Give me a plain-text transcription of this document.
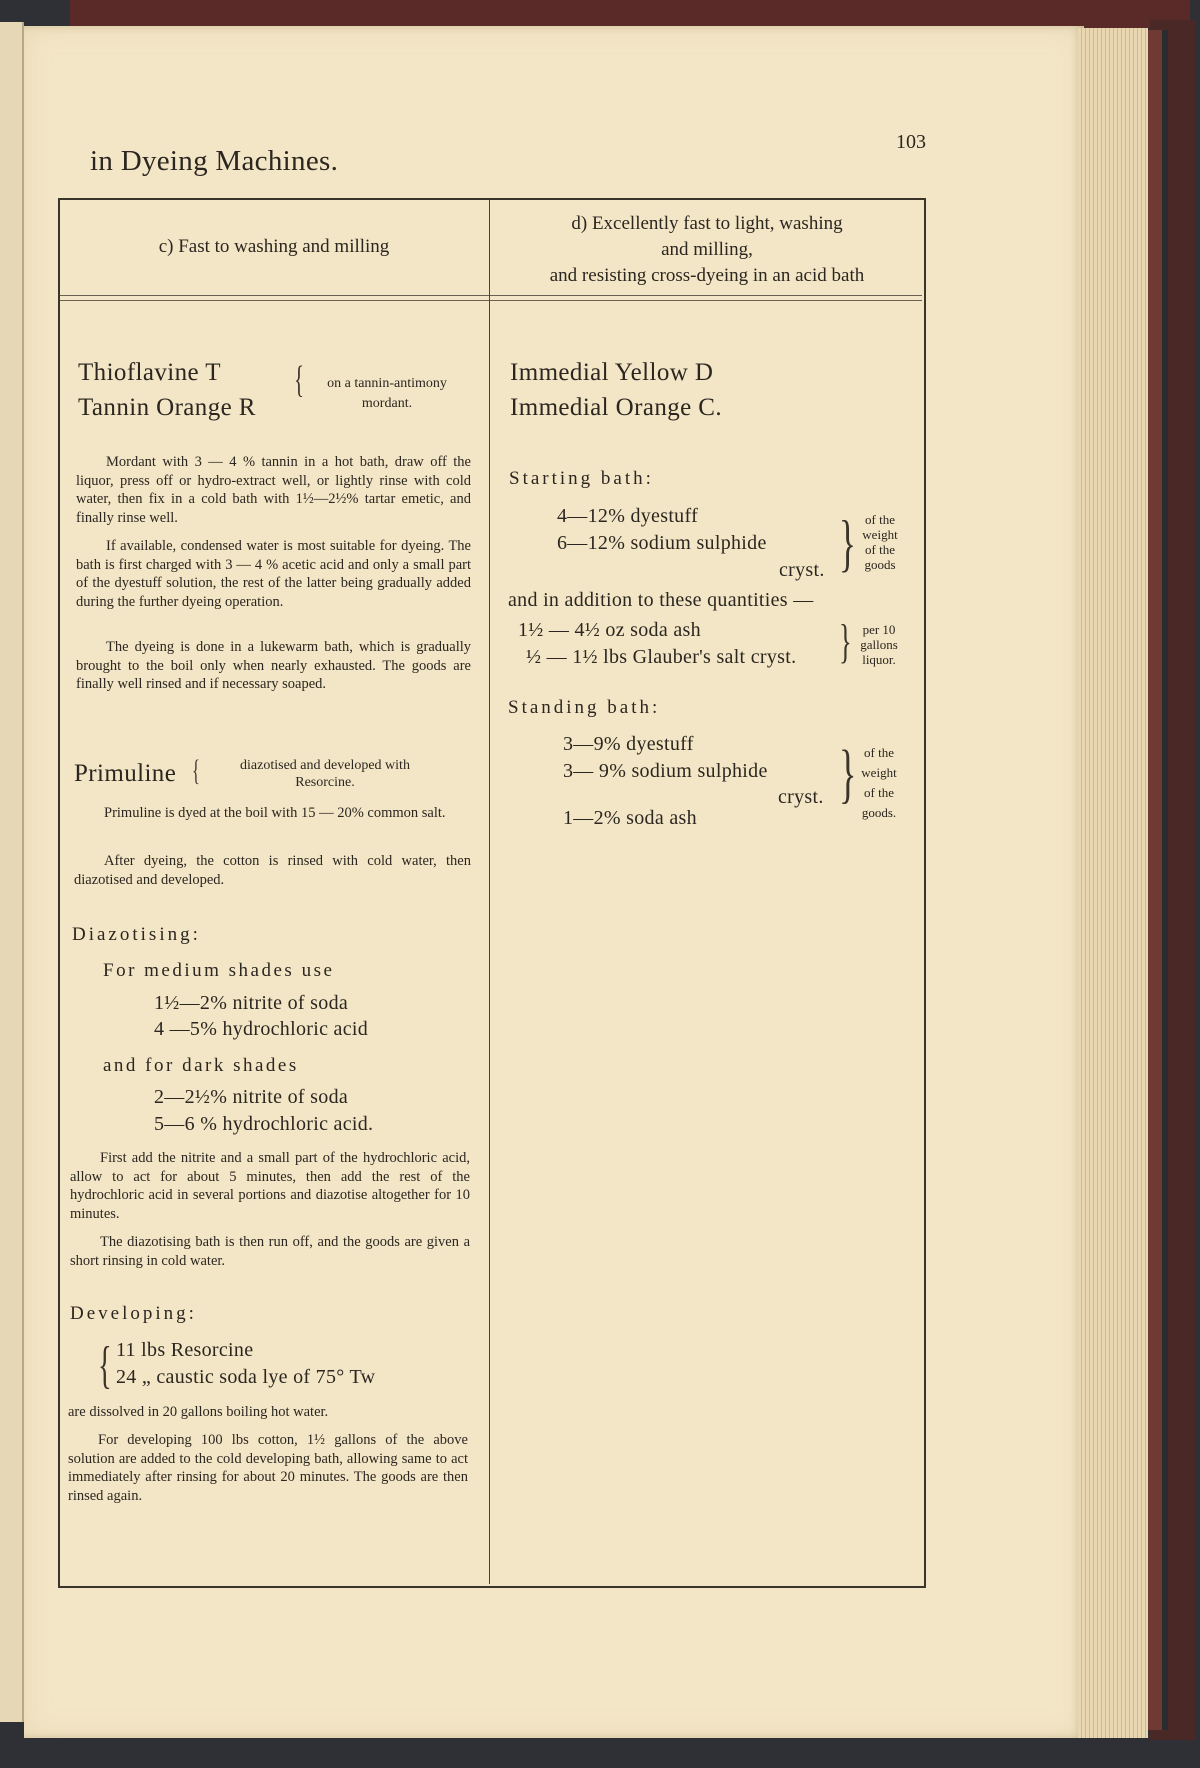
in Dyeing Machines.
103
c) Fast to washing and milling
d) Excellently fast to light, washing
and milling,
and resisting cross-dyeing in an acid bath
Thioflavine T
Tannin Orange R
{	on a tannin-antimony
mordant.
Mordant with 3 — 4 % tannin in a hot bath, draw off the liquor, press off or hydro-extract well, or lightly rinse with cold water, then fix in a cold bath with 1½—2½% tartar emetic, and finally rinse well.
If available, condensed water is most suitable for dyeing. The bath is first charged with 3 — 4 % acetic acid and only a small part of the dyestuff solution, the rest of the latter being gradually added during the further dyeing operation.
The dyeing is done in a lukewarm bath, which is gradually brought to the boil only when nearly exhausted. The goods are finally well rinsed and if necessary soaped.
Primuline {	diazotised and developed with
Resorcine.
Primuline is dyed at the boil with 15 — 20% common salt.
After dyeing, the cotton is rinsed with cold water, then diazotised and developed.
Diazotising:
For medium shades use
1½—2% nitrite of soda
4 —5% hydrochloric acid
and for dark shades
2—2½% nitrite of soda
5—6 % hydrochloric acid.
First add the nitrite and a small part of the hydrochloric acid, allow to act for about 5 minutes, then add the rest of the hydrochloric acid in several portions and diazotise altogether for 10 minutes.
The diazotising bath is then run off, and the goods are given a short rinsing in cold water.
Developing:
{ 11 lbs Resorcine
24 „ caustic soda lye of 75° Tw
are dissolved in 20 gallons boiling hot water.
For developing 100 lbs cotton, 1½ gallons of the above solution are added to the cold developing bath, allowing same to act immediately after rinsing for about 20 minutes. The goods are then rinsed again.
Immedial Yellow D
Immedial Orange C.
Starting bath:
4—12% dyestuff
6—12% sodium sulphide
cryst. } of the
weight
of the
goods
and in addition to these quantities —
1½ — 4½ oz soda ash
½ — 1½ lbs Glauber's salt cryst. } per 10
gallons
liquor.
Standing bath:
3—9% dyestuff
3— 9% sodium sulphide
cryst.
1—2% soda ash
} of the
weight
of the
goods.
